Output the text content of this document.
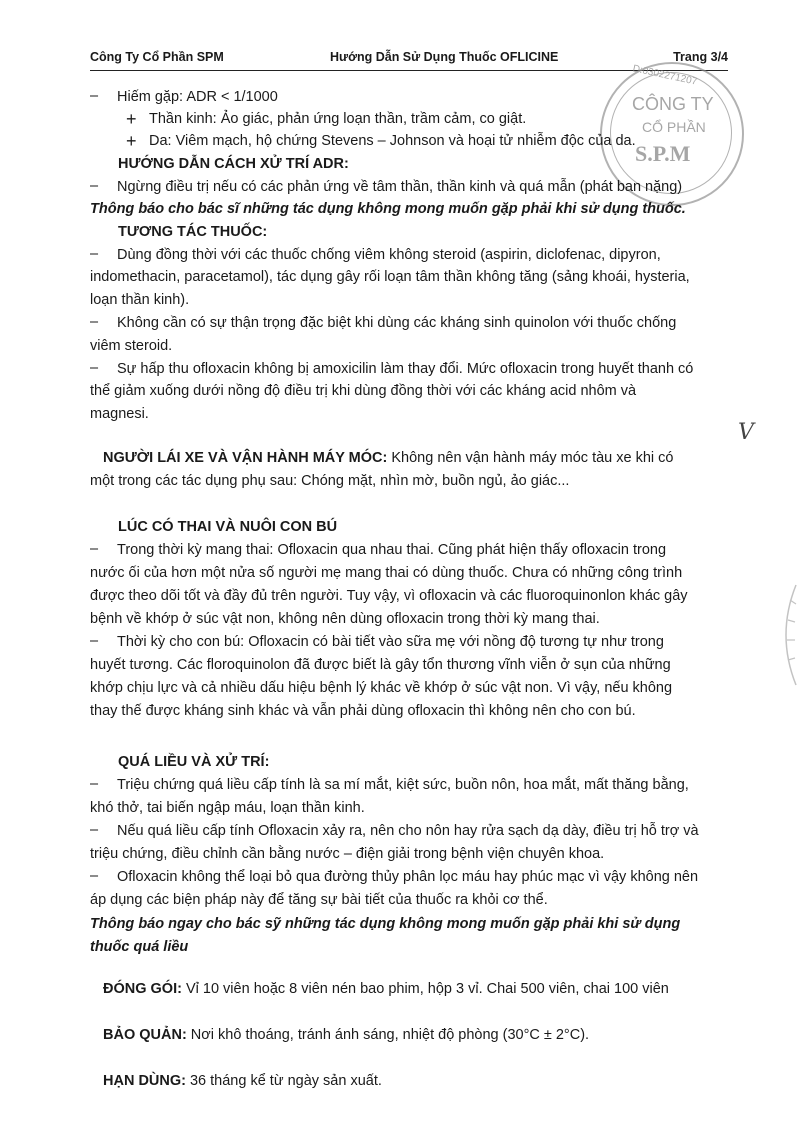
Công Ty Cổ Phần SPM	Hướng Dẫn Sử Dụng Thuốc OFLICINE	Trang 3/4
D:0302271207
CÔNG TY
CỔ PHẦN
S.P.M
V
– Hiếm gặp: ADR < 1/1000
+ Thần kinh: Ảo giác, phản ứng loạn thần, trầm cảm, co giật.
+ Da: Viêm mạch, hộ chứng Stevens – Johnson và hoại tử nhiễm độc của da.
HƯỚNG DẪN CÁCH XỬ TRÍ ADR:
– Ngừng điều trị nếu có các phản ứng về tâm thần, thần kinh và quá mẫn (phát ban nặng)
Thông báo cho bác sĩ những tác dụng không mong muốn gặp phải khi sử dụng thuốc.
TƯƠNG TÁC THUỐC:
– Dùng đồng thời với các thuốc chống viêm không steroid (aspirin, diclofenac, dipyron,
indomethacin, paracetamol), tác dụng gây rối loạn tâm thần không tăng (sảng khoái, hysteria,
loạn thần kinh).
– Không cần có sự thận trọng đặc biệt khi dùng các kháng sinh quinolon với thuốc chống
viêm steroid.
– Sự hấp thu ofloxacin không bị amoxicilin làm thay đổi. Mức ofloxacin trong huyết thanh có
thể giảm xuống dưới nồng độ điều trị khi dùng đồng thời với các kháng acid nhôm và
magnesi.
NGƯỜI LÁI XE VÀ VẬN HÀNH MÁY MÓC: Không nên vận hành máy móc tàu xe khi có
một trong các tác dụng phụ sau: Chóng mặt, nhìn mờ, buồn ngủ, ảo giác...
LÚC CÓ THAI VÀ NUÔI CON BÚ
– Trong thời kỳ mang thai: Ofloxacin qua nhau thai. Cũng phát hiện thấy ofloxacin trong
nước ối của hơn một nửa số người mẹ mang thai có dùng thuốc. Chưa có những công trình
được theo dõi tốt và đầy đủ trên người. Tuy vậy, vì ofloxacin và các fluoroquinonlon khác gây
bệnh về khớp ở súc vật non, không nên dùng ofloxacin trong thời kỳ mang thai.
– Thời kỳ cho con bú: Ofloxacin có bài tiết vào sữa mẹ với nồng độ tương tự như trong
huyết tương. Các floroquinolon đã được biết là gây tổn thương vĩnh viễn ở sụn của những
khớp chịu lực và cả nhiều dấu hiệu bệnh lý khác về khớp ở súc vật non. Vì vậy, nếu không
thay thế được kháng sinh khác và vẫn phải dùng ofloxacin thì không nên cho con bú.
QUÁ LIỀU VÀ XỬ TRÍ:
– Triệu chứng quá liều cấp tính là sa mí mắt, kiệt sức, buồn nôn, hoa mắt, mất thăng bằng,
khó thở, tai biến ngập máu, loạn thần kinh.
– Nếu quá liều cấp tính Ofloxacin xảy ra, nên cho nôn hay rửa sạch dạ dày, điều trị hỗ trợ và
triệu chứng, điều chỉnh cần bằng nước – điện giải trong bệnh viện chuyên khoa.
– Ofloxacin không thể loại bỏ qua đường thủy phân lọc máu hay phúc mạc vì vậy không nên
áp dụng các biện pháp này để tăng sự bài tiết của thuốc ra khỏi cơ thể.
Thông báo ngay cho bác sỹ những tác dụng không mong muốn gặp phải khi sử dụng
thuốc quá liều
ĐÓNG GÓI: Vỉ 10 viên hoặc 8 viên nén bao phim, hộp 3 vỉ. Chai 500 viên, chai 100 viên
BẢO QUẢN: Nơi khô thoáng, tránh ánh sáng, nhiệt độ phòng (30°C ± 2°C).
HẠN DÙNG: 36 tháng kể từ ngày sản xuất.
